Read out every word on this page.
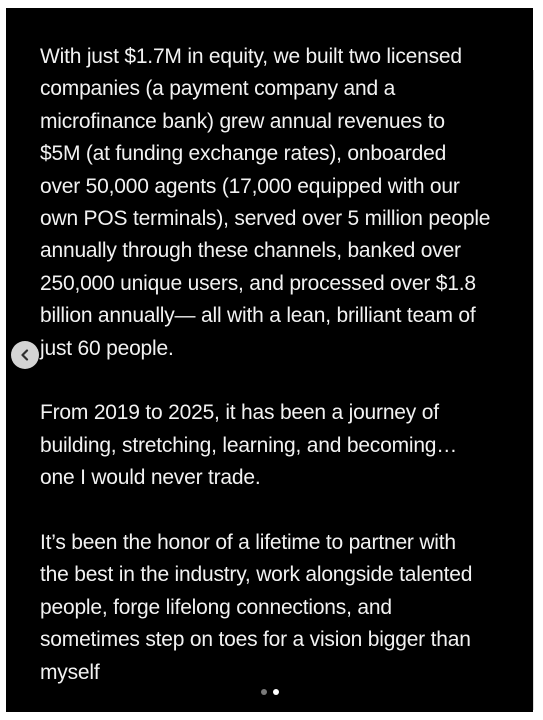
With just $1.7M in equity, we built two licensed
companies (a payment company and a
microfinance bank) grew annual revenues to
$5M (at funding exchange rates), onboarded
over 50,000 agents (17,000 equipped with our
own POS terminals), served over 5 million people
annually through these channels, banked over
250,000 unique users, and processed over $1.8
billion annually— all with a lean, brilliant team of
just 60 people.

From 2019 to 2025, it has been a journey of
building, stretching, learning, and becoming…
one I would never trade.

It’s been the honor of a lifetime to partner with
the best in the industry, work alongside talented
people, forge lifelong connections, and
sometimes step on toes for a vision bigger than
myself
